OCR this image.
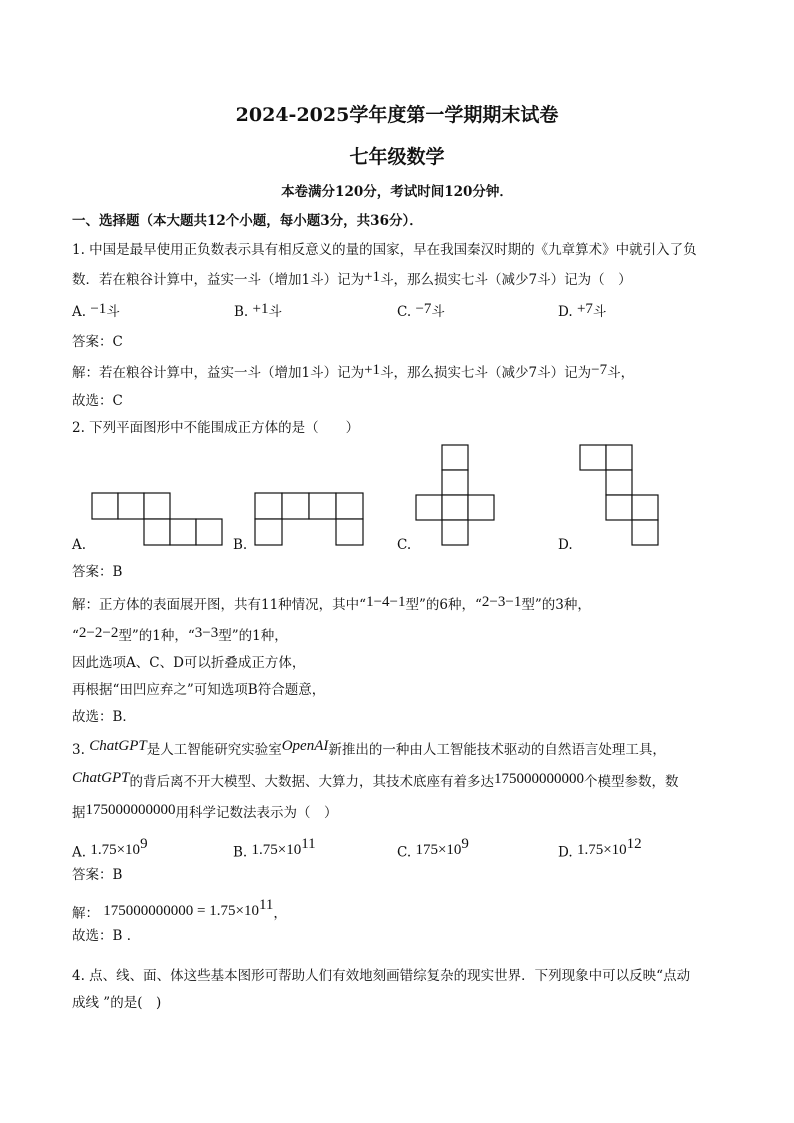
2024-2025学年度第一学期期末试卷
七年级数学
本卷满分120分，考试时间120分钟．
一、选择题（本大题共12个小题，每小题3分，共36分）．
1. 中国是最早使用正负数表示具有相反意义的量的国家，早在我国秦汉时期的《九章算术》中就引入了负
数．若在粮谷计算中，益实一斗（增加1斗）记为+1斗，那么损实七斗（减少7斗）记为（　）
A. −1斗	B. +1斗	C. −7斗	D. +7斗
答案：C
解：若在粮谷计算中，益实一斗（增加1斗）记为+1斗，那么损实七斗（减少7斗）记为−7斗，
故选：C
2. 下列平面图形中不能围成正方体的是（　　）
A.	B.	C.	D.
答案：B
解：正方体的表面展开图，共有11种情况，其中“1−4−1型”的6种，“2−3−1型”的3种，
“2−2−2型”的1种，“3−3型”的1种，
因此选项A、C、D可以折叠成正方体，
再根据“田凹应弃之”可知选项B符合题意，
故选：B．
3. ChatGPT是人工智能研究实验室OpenAI新推出的一种由人工智能技术驱动的自然语言处理工具，
ChatGPT的背后离不开大模型、大数据、大算力，其技术底座有着多达175000000000个模型参数，数
据175000000000用科学记数法表示为（　）
A. $1.75\times 10^9$
B. $1.75\times 10^{11}$
C. $175\times 10^9$
D. $1.75\times 10^{12}$
答案：B
解： $175000000000 = 1.75\times 10^{11}$，
故选：B ．
4. 点、线、面、体这些基本图形可帮助人们有效地刻画错综复杂的现实世界．下列现象中可以反映“点动
成线 ”的是(　)
